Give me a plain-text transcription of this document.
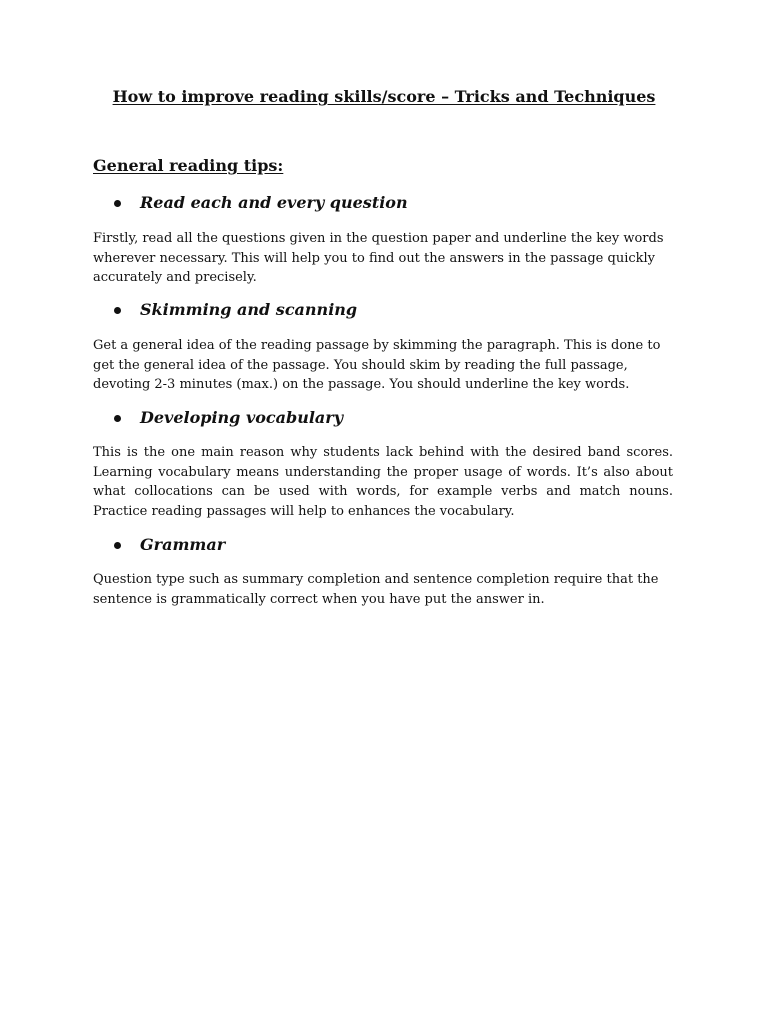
How to improve reading skills/score – Tricks and Techniques
General reading tips:
Read each and every question

Firstly, read all the questions given in the question paper and underline the key words wherever necessary. This will help you to find out the answers in the passage quickly accurately and precisely.

Skimming and scanning

Get a general idea of the reading passage by skimming the paragraph. This is done to get the general idea of the passage. You should skim by reading the full passage, devoting 2-3 minutes (max.) on the passage. You should underline the key words.

Developing vocabulary

This is the one main reason why students lack behind with the desired band scores. Learning vocabulary means understanding the proper usage of words. It’s also about what collocations can be used with words, for example verbs and match nouns. Practice reading passages will help to enhances the vocabulary.

Grammar

Question type such as summary completion and sentence completion require that the sentence is grammatically correct when you have put the answer in.
